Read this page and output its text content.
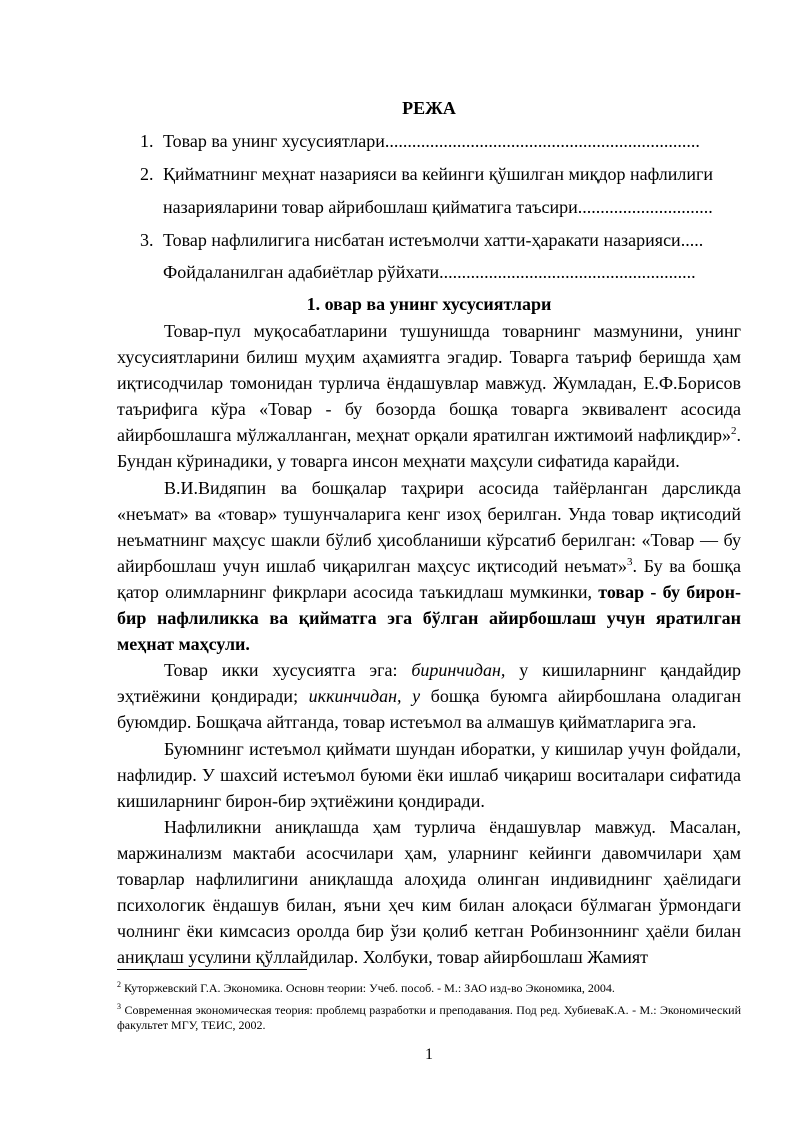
РЕЖА
1. Товар ва унинг хусусиятлари......................................................................
2. Қийматнинг меҳнат назарияси ва кейинги қўшилган миқдор нафлилиги
назарияларини товар айрибошлаш қийматига таъсири..............................
3. Товар нафлилигига нисбатан истеъмолчи хатти-ҳаракати назарияси.....
Фойдаланилган адабиётлар рўйхати.........................................................
1. овар ва унинг хусусиятлари

Товар-пул муқосабатларини тушунишда товарнинг мазмунини, унинг хусусиятларини билиш муҳим аҳамиятга эгадир. Товарга таъриф беришда ҳам иқтисодчилар томонидан турлича ёндашувлар мавжуд. Жумладан, Е.Ф.Борисов таърифига кўра «Товар - бу бозорда бошқа товарга эквивалент асосида айирбошлашга мўлжалланган, меҳнат орқали яратилган ижтимоий нафлиқдир»$^2$. Бундан кўринадики, у товарга инсон меҳнати маҳсули сифатида карайди.

В.И.Видяпин ва бошқалар таҳрири асосида тайёрланган дарсликда «неъмат» ва «товар» тушунчаларига кенг изоҳ берилган. Унда товар иқтисодий неъматнинг маҳсус шакли бўлиб ҳисобланиши кўрсатиб берилган: «Товар — бу айирбошлаш учун ишлаб чиқарилган маҳсус иқтисодий неъмат»$^3$. Бу ва бошқа қатор олимларнинг фикрлари асосида таъкидлаш мумкинки, товар - бу бирон-бир нафлиликка ва қийматга эга бўлган айирбошлаш учун яратилган меҳнат маҳсули.

Товар икки хусусиятга эга: биринчидан, у кишиларнинг қандайдир эҳтиёжини қондиради; иккинчидан, у бошқа буюмга айирбошлана оладиган буюмдир. Бошқача айтганда, товар истеъмол ва алмашув қийматларига эга.

Буюмнинг истеъмол қиймати шундан иборатки, у кишилар учун фойдали, нафлидир. У шахсий истеъмол буюми ёки ишлаб чиқариш воситалари сифатида кишиларнинг бирон-бир эҳтиёжини қондиради.

Нафлиликни аниқлашда ҳам турлича ёндашувлар мавжуд. Масалан, маржинализм мактаби асосчилари ҳам, уларнинг кейинги давомчилари ҳам товарлар нафлилигини аниқлашда алоҳида олинган индивиднинг ҳаёлидаги психологик ёндашув билан, яъни ҳеч ким билан алоқаси бўлмаган ўрмондаги чолнинг ёки кимсасиз оролда бир ўзи қолиб кетган Робинзоннинг ҳаёли билан аниқлаш усулини қўллайдилар. Холбуки, товар айирбошлаш Жамият

$^2$ Куторжевский Г.А. Экономика. Основн теории: Учеб. пособ. - М.: ЗАО изд-во Экономика, 2004.

$^3$ Современная экономическая теория: проблемц разработки и преподавания. Под ред. ХубиеваК.А. - М.: Экономический факультет МГУ, ТЕИС, 2002.

1
